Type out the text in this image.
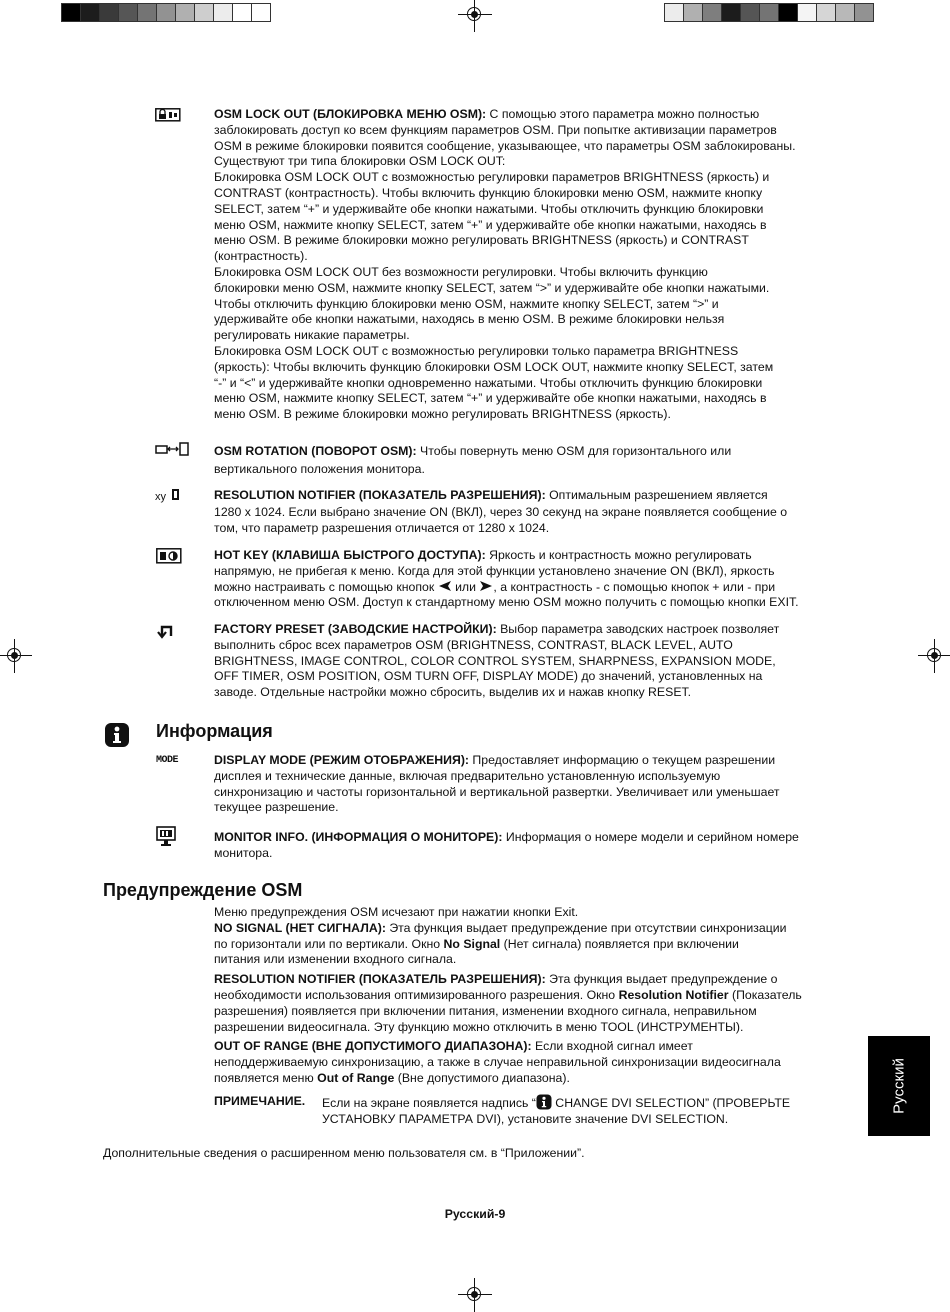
OSM LOCK OUT (БЛОКИРОВКА МЕНЮ OSM): С помощью этого параметра можно полностью
заблокировать доступ ко всем функциям параметров OSM. При попытке активизации параметров
OSM в режиме блокировки появится сообщение, указывающее, что параметры OSM заблокированы.
Существуют три типа блокировки OSM LOCK OUT:
Блокировка OSM LOCK OUT с возможностью регулировки параметров BRIGHTNESS (яркость) и
CONTRAST (контрастность). Чтобы включить функцию блокировки меню OSM, нажмите кнопку
SELECT, затем “+” и удерживайте обе кнопки нажатыми. Чтобы отключить функцию блокировки
меню OSM, нажмите кнопку SELECT, затем “+” и удерживайте обе кнопки нажатыми, находясь в
меню OSM. В режиме блокировки можно регулировать BRIGHTNESS (яркость) и CONTRAST
(контрастность).
Блокировка OSM LOCK OUT без возможности регулировки. Чтобы включить функцию
блокировки меню OSM, нажмите кнопку SELECT, затем “>” и удерживайте обе кнопки нажатыми.
Чтобы отключить функцию блокировки меню OSM, нажмите кнопку SELECT, затем “>” и
удерживайте обе кнопки нажатыми, находясь в меню OSM. В режиме блокировки нельзя
регулировать никакие параметры.
Блокировка OSM LOCK OUT с возможностью регулировки только параметра BRIGHTNESS
(яркость): Чтобы включить функцию блокировки OSM LOCK OUT, нажмите кнопку SELECT, затем
“-” и “<” и удерживайте кнопки одновременно нажатыми. Чтобы отключить функцию блокировки
меню OSM, нажмите кнопку SELECT, затем “+” и удерживайте обе кнопки нажатыми, находясь в
меню OSM. В режиме блокировки можно регулировать BRIGHTNESS (яркость).
OSM ROTATION (ПОВОРОТ OSM): Чтобы повернуть меню OSM для горизонтального или
вертикального положения монитора.
xy	RESOLUTION NOTIFIER (ПОКАЗАТЕЛЬ РАЗРЕШЕНИЯ): Оптимальным разрешением является
1280 x 1024. Если выбрано значение ON (ВКЛ), через 30 секунд на экране появляется сообщение о
том, что параметр разрешения отличается от 1280 x 1024.
HOT KEY (КЛАВИША БЫСТРОГО ДОСТУПА): Яркость и контрастность можно регулировать
напрямую, не прибегая к меню. Когда для этой функции установлено значение ON (ВКЛ), яркость
можно настраивать с помощью кнопок или , а контрастность - с помощью кнопок + или - при
отключенном меню OSM. Доступ к стандартному меню OSM можно получить с помощью кнопки EXIT.
FACTORY PRESET (ЗАВОДСКИЕ НАСТРОЙКИ): Выбор параметра заводских настроек позволяет
выполнить сброс всех параметров OSM (BRIGHTNESS, CONTRAST, BLACK LEVEL, AUTO
BRIGHTNESS, IMAGE CONTROL, COLOR CONTROL SYSTEM, SHARPNESS, EXPANSION MODE,
OFF TIMER, OSM POSITION, OSM TURN OFF, DISPLAY MODE) до значений, установленных на
заводе. Отдельные настройки можно сбросить, выделив их и нажав кнопку RESET.
Информация
MODE	DISPLAY MODE (РЕЖИМ ОТОБРАЖЕНИЯ): Предоставляет информацию о текущем разрешении
дисплея и технические данные, включая предварительно установленную используемую
синхронизацию и частоты горизонтальной и вертикальной развертки. Увеличивает или уменьшает
текущее разрешение.
MONITOR INFO. (ИНФОРМАЦИЯ О МОНИТОРЕ): Информация о номере модели и серийном номере
монитора.
Предупреждение OSM
Меню предупреждения OSM исчезают при нажатии кнопки Exit.
NO SIGNAL (НЕТ СИГНАЛА): Эта функция выдает предупреждение при отсутствии синхронизации
по горизонтали или по вертикали. Окно No Signal (Нет сигнала) появляется при включении
питания или изменении входного сигнала.
RESOLUTION NOTIFIER (ПОКАЗАТЕЛЬ РАЗРЕШЕНИЯ): Эта функция выдает предупреждение о
необходимости использования оптимизированного разрешения. Окно Resolution Notifier (Показатель
разрешения) появляется при включении питания, изменении входного сигнала, неправильном
разрешении видеосигнала. Эту функцию можно отключить в меню TOOL (ИНСТРУМЕНТЫ).
OUT OF RANGE (ВНЕ ДОПУСТИМОГО ДИАПАЗОНА): Если входной сигнал имеет
неподдерживаемую синхронизацию, а также в случае неправильной синхронизации видеосигнала
появляется меню Out of Range (Вне допустимого диапазона).
ПРИМЕЧАНИЕ. Если на экране появляется надпись “ CHANGE DVI SELECTION” (ПРОВЕРЬТЕ
УСТАНОВКУ ПАРАМЕТРА DVI), установите значение DVI SELECTION.
Русский
Дополнительные сведения о расширенном меню пользователя см. в “Приложении”.
Русский-9
